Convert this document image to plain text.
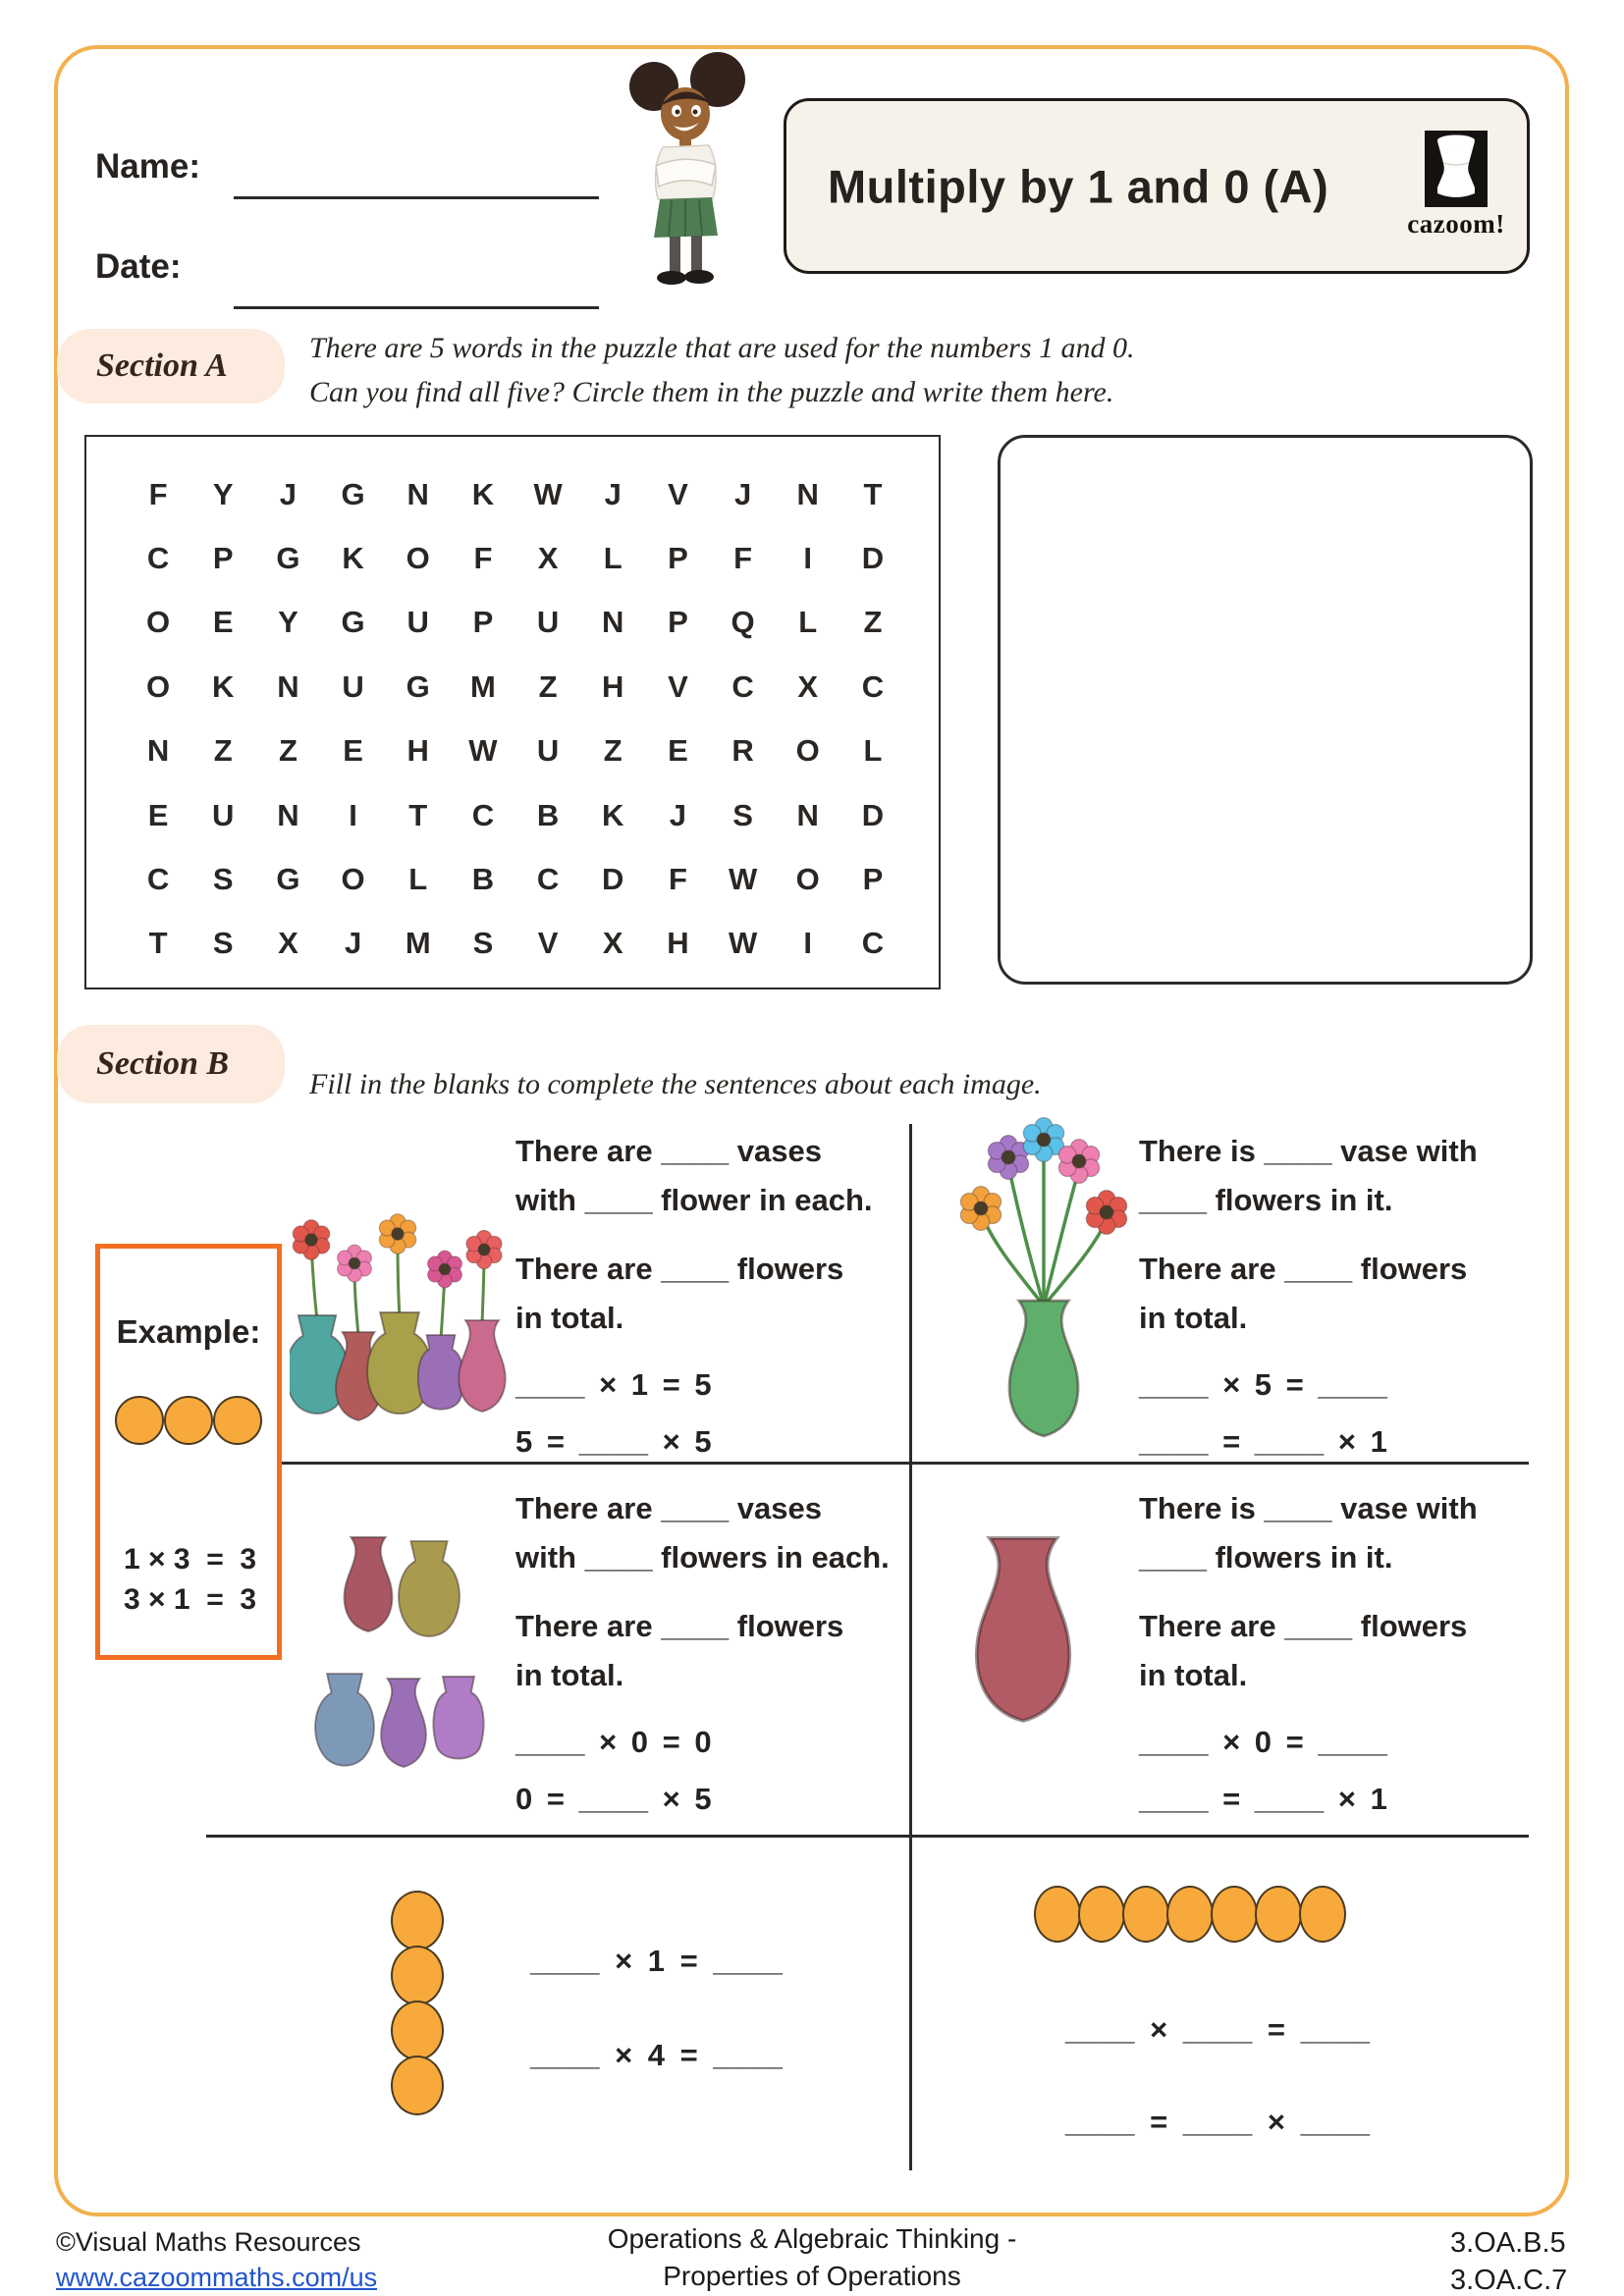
Name:
Date:
Multiply by 1 and 0 (A)
cazoom!
Section A	There are 5 words in the puzzle that are used for the numbers 1 and 0.
Can you find all five? Circle them in the puzzle and write them here.
F	Y	J	G	N	K	W	J	V	J	N	T
C	P	G	K	O	F	X	L	P	F	I	D
O	E	Y	G	U	P	U	N	P	Q	L	Z
O	K	N	U	G	M	Z	H	V	C	X	C
N	Z	Z	E	H	W	U	Z	E	R	O	L
E	U	N	I	T	C	B	K	J	S	N	D
C	S	G	O	L	B	C	D	F	W	O	P
T	S	X	J	M	S	V	X	H	W	I	C
Section B
Fill in the blanks to complete the sentences about each image.
Example:
1 × 3  =  3
3 × 1  =  3
There are ____ vases
with ____ flower in each.
There are ____ flowers
in total.
____ × 1 = 5
5 = ____ × 5
There is ____ vase with
____ flowers in it.
There are ____ flowers
in total.
____ × 5 = ____
____ = ____ × 1
There are ____ vases
with ____ flowers in each.
There are ____ flowers
in total.
____ × 0 = 0
0 = ____ × 5
There is ____ vase with
____ flowers in it.
There are ____ flowers
in total.
____ × 0 = ____
____ = ____ × 1
____ × 1 = ____
____ × 4 = ____
____ × ____ = ____
____ = ____ × ____
©Visual Maths Resources
www.cazoommaths.com/us
Operations & Algebraic Thinking -
Properties of Operations
3.OA.B.5
3.OA.C.7
